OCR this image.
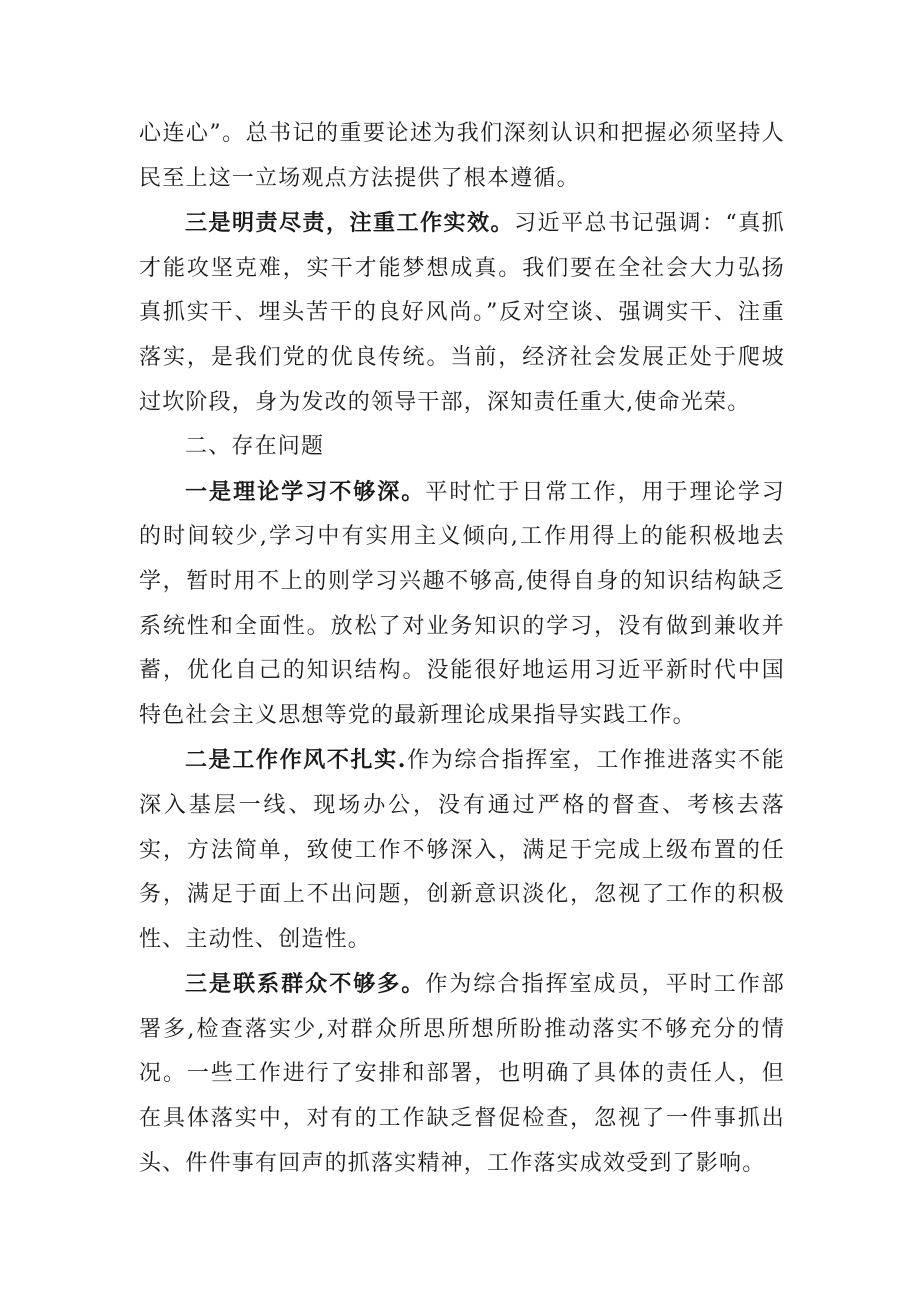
心连心”。总书记的重要论述为我们深刻认识和把握必须坚持人民至上这一立场观点方法提供了根本遵循。

三是明责尽责，注重工作实效。习近平总书记强调：“真抓才能攻坚克难，实干才能梦想成真。我们要在全社会大力弘扬真抓实干、埋头苦干的良好风尚。”反对空谈、强调实干、注重落实，是我们党的优良传统。当前，经济社会发展正处于爬坡过坎阶段，身为发改的领导干部，深知责任重大,使命光荣。

二、存在问题

一是理论学习不够深。平时忙于日常工作，用于理论学习的时间较少,学习中有实用主义倾向,工作用得上的能积极地去学，暂时用不上的则学习兴趣不够高,使得自身的知识结构缺乏系统性和全面性。放松了对业务知识的学习，没有做到兼收并蓄，优化自己的知识结构。没能很好地运用习近平新时代中国特色社会主义思想等党的最新理论成果指导实践工作。

二是工作作风不扎实.作为综合指挥室，工作推进落实不能深入基层一线、现场办公，没有通过严格的督查、考核去落实，方法简单，致使工作不够深入，满足于完成上级布置的任务，满足于面上不出问题，创新意识淡化，忽视了工作的积极性、主动性、创造性。

三是联系群众不够多。作为综合指挥室成员，平时工作部署多,检查落实少,对群众所思所想所盼推动落实不够充分的情况。一些工作进行了安排和部署，也明确了具体的责任人，但在具体落实中，对有的工作缺乏督促检查，忽视了一件事抓出头、件件事有回声的抓落实精神，工作落实成效受到了影响。
